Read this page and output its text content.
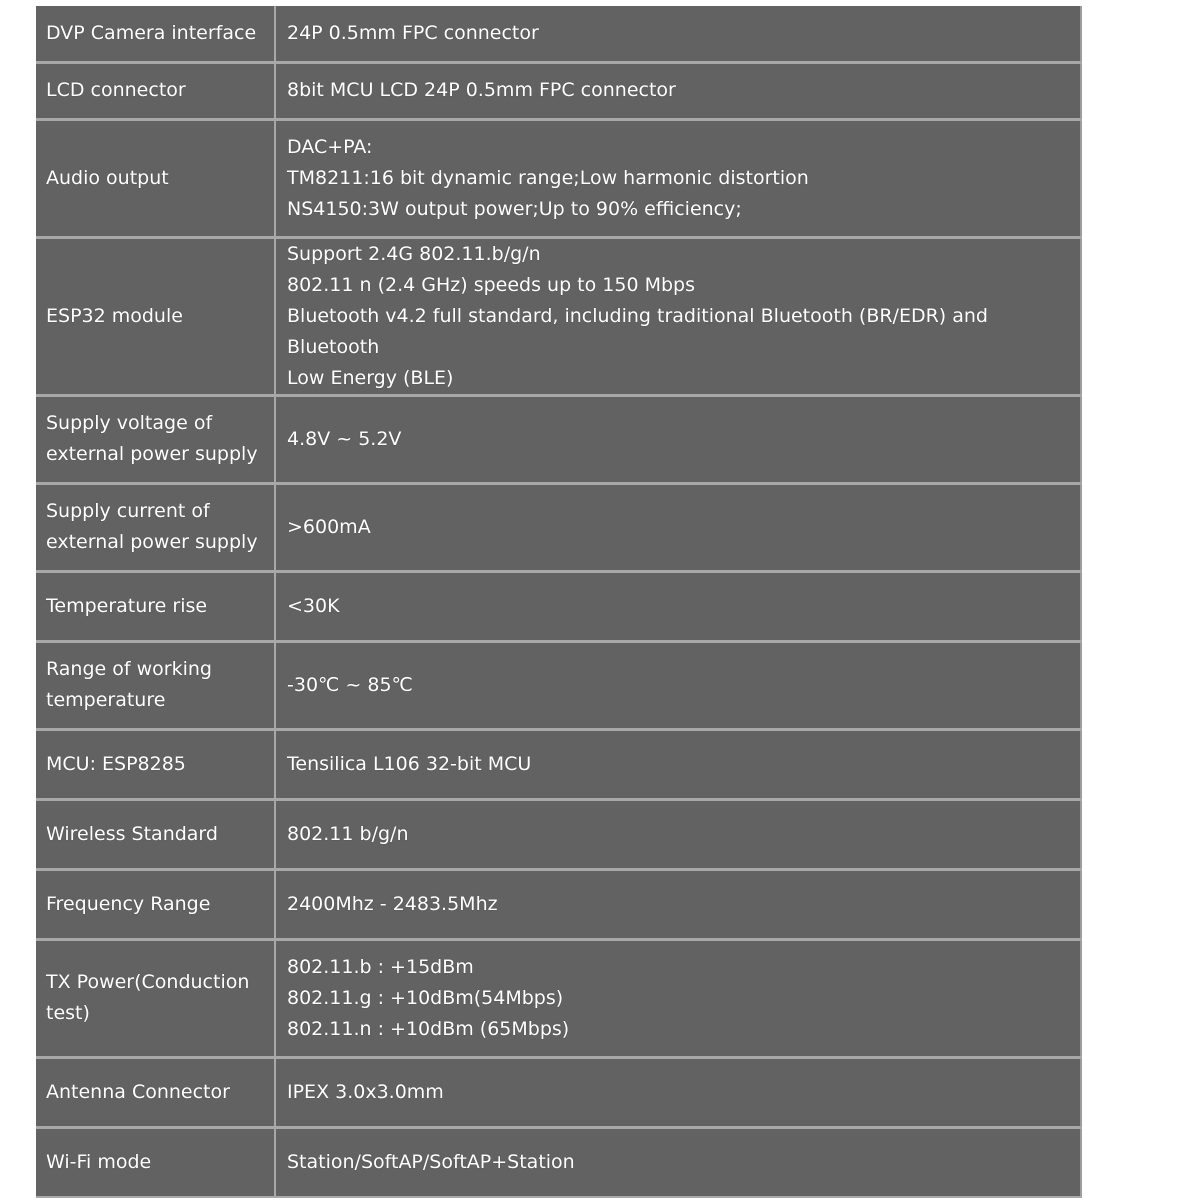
DVP Camera interface	24P 0.5mm FPC connector

LCD connector	8bit MCU LCD 24P 0.5mm FPC connector

Audio output	DAC+PA:
TM8211:16 bit dynamic range;Low harmonic distortion
NS4150:3W output power;Up to 90% efficiency;

ESP32 module	Support 2.4G 802.11.b/g/n
802.11 n (2.4 GHz) speeds up to 150 Mbps
Bluetooth v4.2 full standard, including traditional Bluetooth (BR/EDR) and Bluetooth
Low Energy (BLE)

Supply voltage of
external power supply	4.8V ~ 5.2V

Supply current of
external power supply	>600mA

Temperature rise	<30K

Range of working
temperature	-30℃ ~ 85℃

MCU: ESP8285	Tensilica L106 32-bit MCU

Wireless Standard	802.11 b/g/n

Frequency Range	2400Mhz - 2483.5Mhz

TX Power(Conduction
test)	802.11.b : +15dBm
802.11.g : +10dBm(54Mbps)
802.11.n : +10dBm (65Mbps)

Antenna Connector	IPEX 3.0x3.0mm

Wi-Fi mode	Station/SoftAP/SoftAP+Station
